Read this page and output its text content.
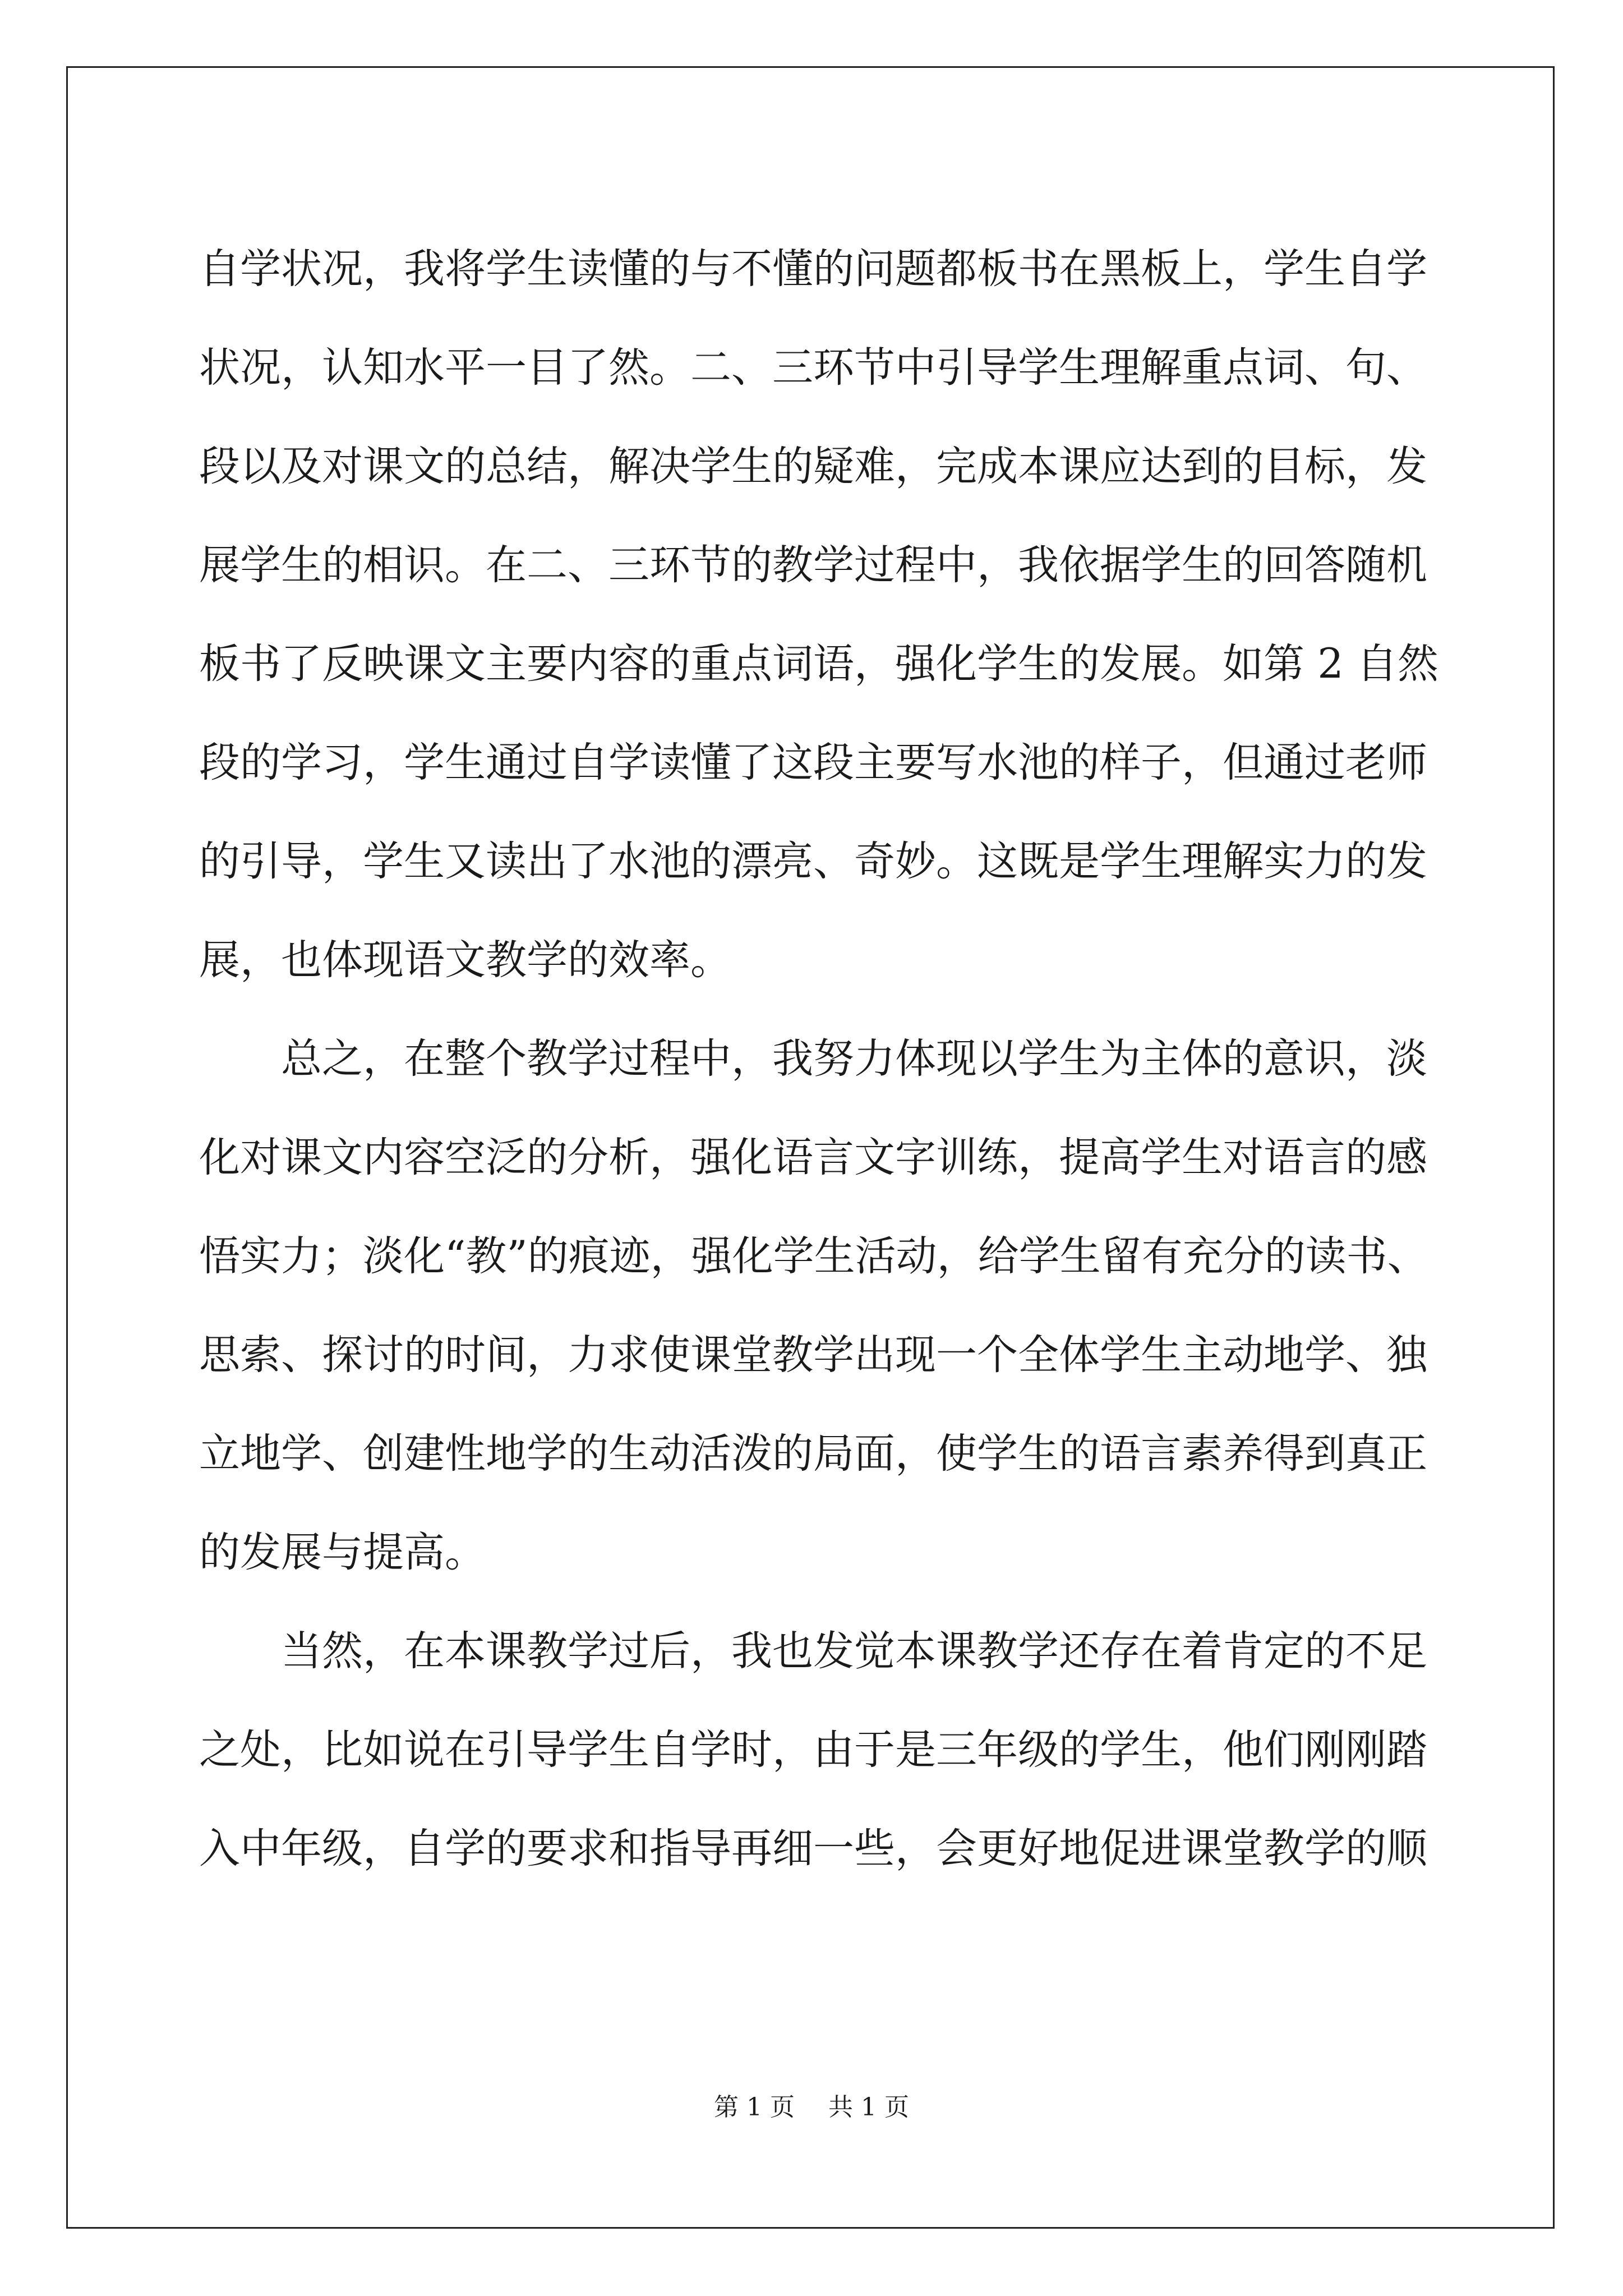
自学状况，我将学生读懂的与不懂的问题都板书在黑板上，学生自学
状况，认知水平一目了然。二、三环节中引导学生理解重点词、句、
段以及对课文的总结，解决学生的疑难，完成本课应达到的目标，发
展学生的相识。在二、三环节的教学过程中，我依据学生的回答随机
板书了反映课文主要内容的重点词语，强化学生的发展。如第 2 自然
段的学习，学生通过自学读懂了这段主要写水池的样子，但通过老师
的引导，学生又读出了水池的漂亮、奇妙。这既是学生理解实力的发
展，也体现语文教学的效率。
总之，在整个教学过程中，我努力体现以学生为主体的意识，淡
化对课文内容空泛的分析，强化语言文字训练，提高学生对语言的感
悟实力；淡化“教”的痕迹，强化学生活动，给学生留有充分的读书、
思索、探讨的时间，力求使课堂教学出现一个全体学生主动地学、独
立地学、创建性地学的生动活泼的局面，使学生的语言素养得到真正
的发展与提高。
当然，在本课教学过后，我也发觉本课教学还存在着肯定的不足
之处，比如说在引导学生自学时，由于是三年级的学生，他们刚刚踏
入中年级，自学的要求和指导再细一些，会更好地促进课堂教学的顺
第 1 页 共 1 页
